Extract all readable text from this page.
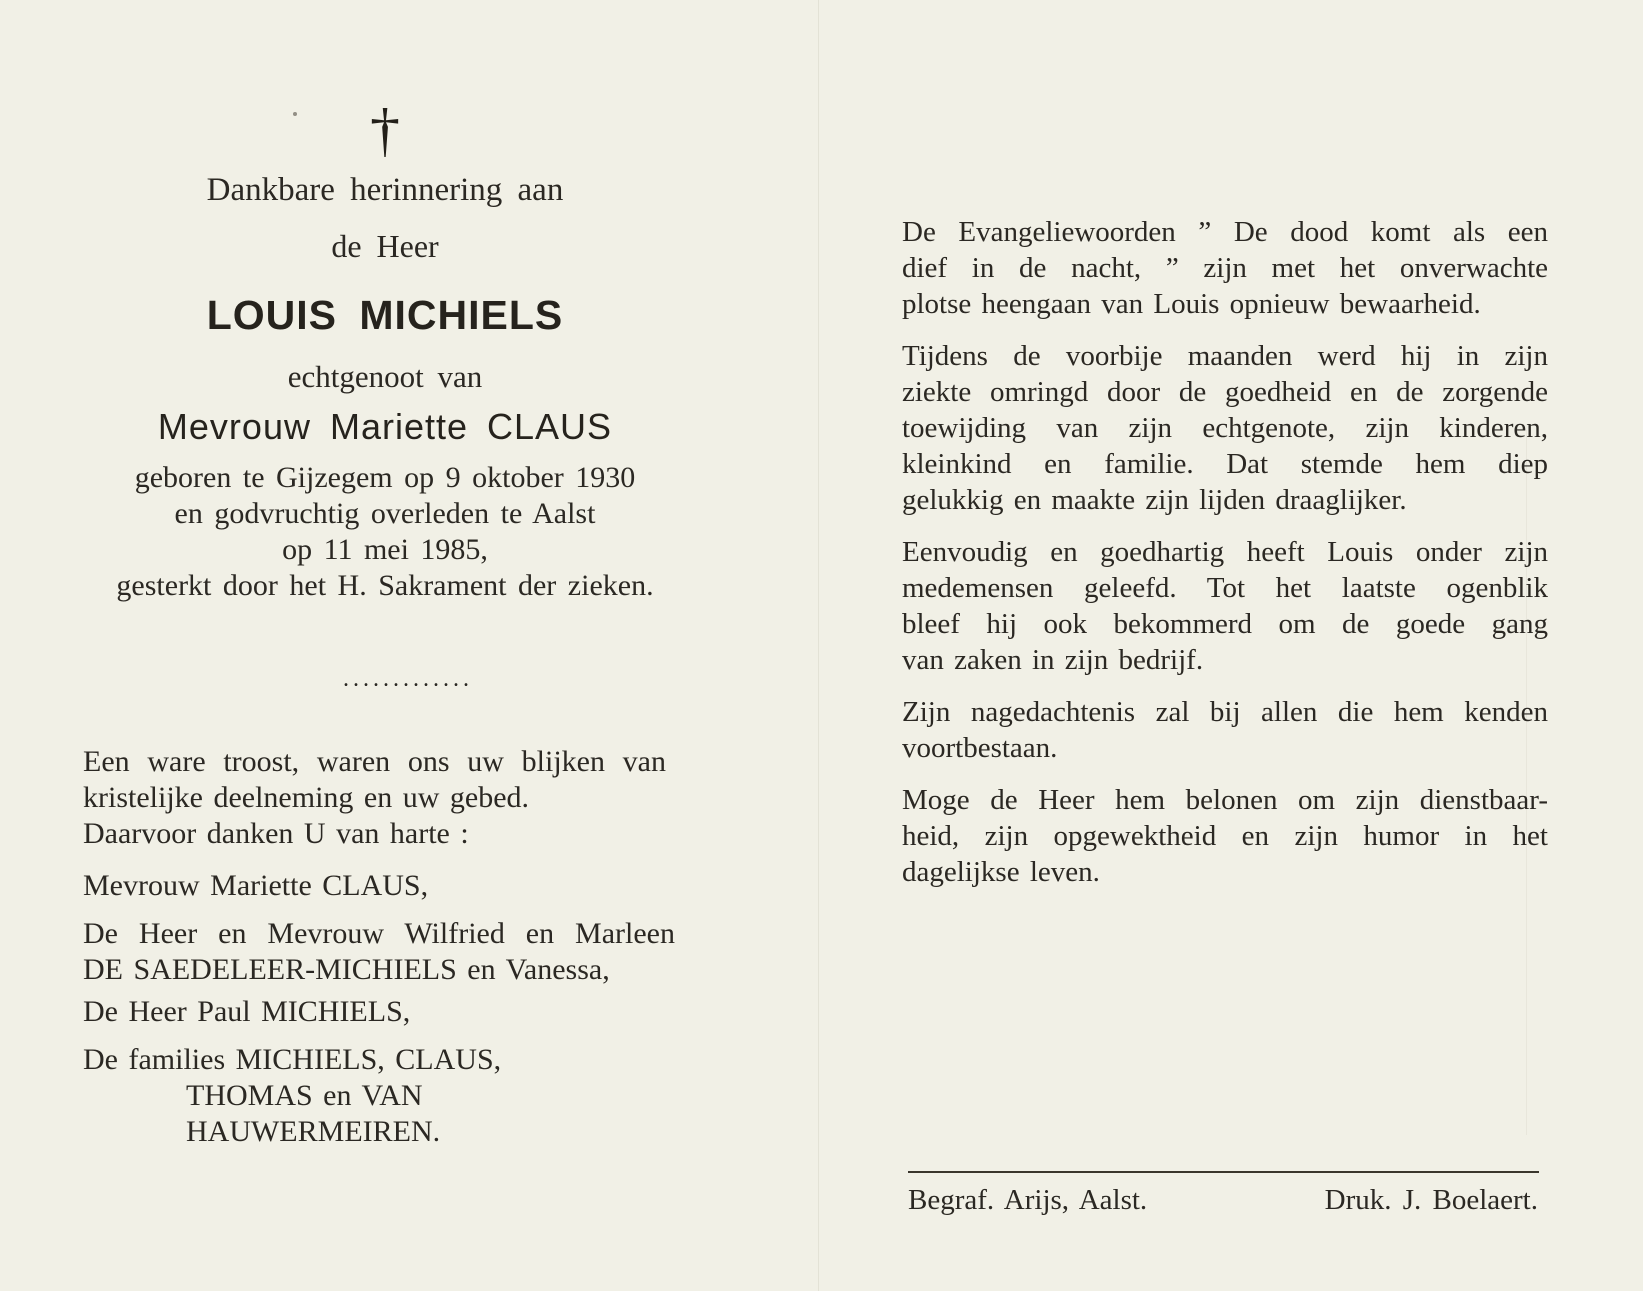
†
Dankbare herinnering aan
de Heer
LOUIS MICHIELS
echtgenoot van
Mevrouw Mariette CLAUS
geboren te Gijzegem op 9 oktober 1930
en godvruchtig overleden te Aalst
op 11 mei 1985,
gesterkt door het H. Sakrament der zieken.
.............
Een ware troost, waren ons uw blijken van
kristelijke deelneming en uw gebed.
Daarvoor danken U van harte :
Mevrouw Mariette CLAUS,
De Heer en Mevrouw Wilfried en Marleen
DE SAEDELEER-MICHIELS en Vanessa,
De Heer Paul MICHIELS,
De families MICHIELS, CLAUS,
THOMAS en VAN HAUWERMEIREN.
De Evangeliewoorden ” De dood komt als een
dief in de nacht, ” zijn met het onverwachte
plotse heengaan van Louis opnieuw bewaarheid.
Tijdens de voorbije maanden werd hij in zijn
ziekte omringd door de goedheid en de zorgende
toewijding van zijn echtgenote, zijn kinderen,
kleinkind en familie. Dat stemde hem diep
gelukkig en maakte zijn lijden draaglijker.
Eenvoudig en goedhartig heeft Louis onder zijn
medemensen geleefd. Tot het laatste ogenblik
bleef hij ook bekommerd om de goede gang
van zaken in zijn bedrijf.
Zijn nagedachtenis zal bij allen die hem kenden
voortbestaan.
Moge de Heer hem belonen om zijn dienstbaar-
heid, zijn opgewektheid en zijn humor in het
dagelijkse leven.
Begraf. Arijs, Aalst.	Druk. J. Boelaert.
